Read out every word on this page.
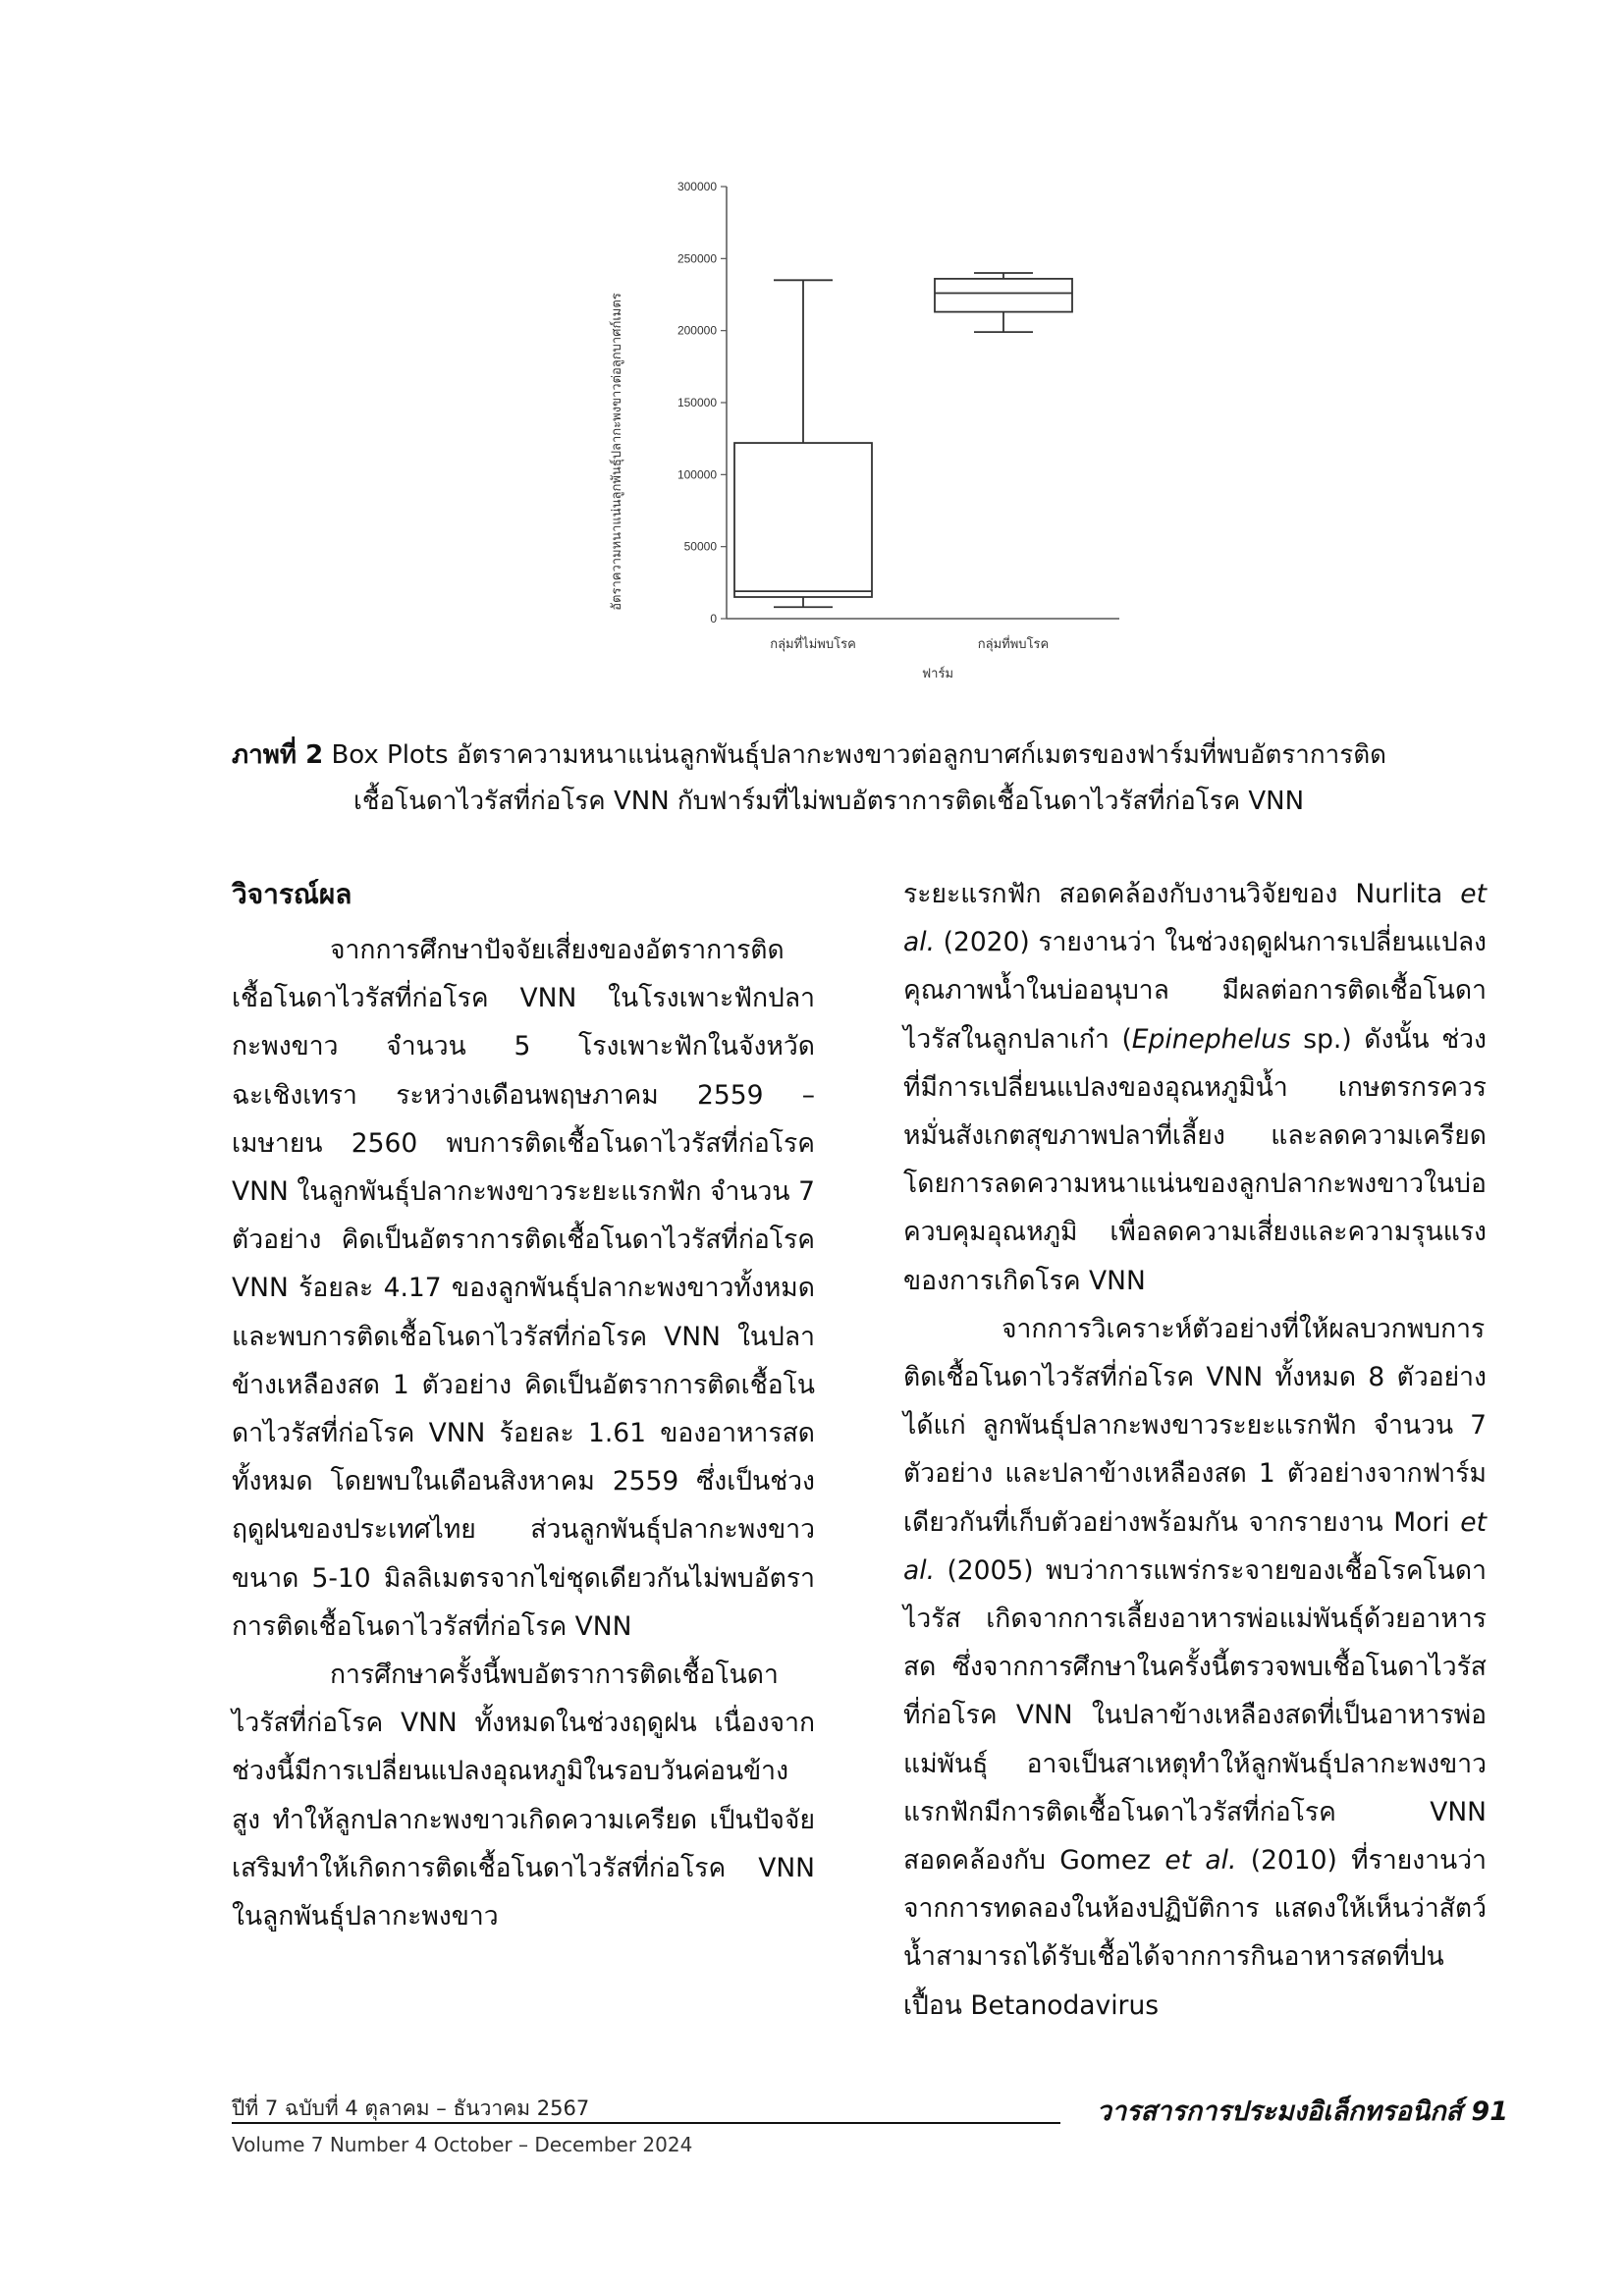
0
50000
100000
150000
200000
250000
300000
กลุ่มที่ไม่พบโรค	กลุ่มที่พบโรค
อัตราความหนาแน่นลูกพันธุ์ปลากะพงขาวต่อลูกบาศก์เมตร
ฟาร์ม
ภาพที่ 2 Box Plots อัตราความหนาแน่นลูกพันธุ์ปลากะพงขาวต่อลูกบาศก์เมตรของฟาร์มที่พบอัตราการติด
เชื้อโนดาไวรัสที่ก่อโรค VNN กับฟาร์มที่ไม่พบอัตราการติดเชื้อโนดาไวรัสที่ก่อโรค VNN
วิจารณ์ผล

จากการศึกษาปัจจัยเสี่ยงของอัตราการติดเชื้อโนดาไวรัสที่ก่อโรค VNN ในโรงเพาะฟักปลากะพงขาว จำนวน 5 โรงเพาะฟักในจังหวัดฉะเชิงเทรา ระหว่างเดือนพฤษภาคม 2559 – เมษายน 2560 พบการติดเชื้อโนดาไวรัสที่ก่อโรค VNN ในลูกพันธุ์ปลากะพงขาวระยะแรกฟัก จำนวน 7 ตัวอย่าง คิดเป็นอัตราการติดเชื้อโนดาไวรัสที่ก่อโรค VNN ร้อยละ 4.17 ของลูกพันธุ์ปลากะพงขาวทั้งหมด และพบการติดเชื้อโนดาไวรัสที่ก่อโรค VNN ในปลาข้างเหลืองสด 1 ตัวอย่าง คิดเป็นอัตราการติดเชื้อโนดาไวรัสที่ก่อโรค VNN ร้อยละ 1.61 ของอาหารสดทั้งหมด โดยพบในเดือนสิงหาคม 2559 ซึ่งเป็นช่วงฤดูฝนของประเทศไทย ส่วนลูกพันธุ์ปลากะพงขาวขนาด 5-10 มิลลิเมตรจากไข่ชุดเดียวกันไม่พบอัตราการติดเชื้อโนดาไวรัสที่ก่อโรค VNN

การศึกษาครั้งนี้พบอัตราการติดเชื้อโนดาไวรัสที่ก่อโรค VNN ทั้งหมดในช่วงฤดูฝน เนื่องจากช่วงนี้มีการเปลี่ยนแปลงอุณหภูมิในรอบวันค่อนข้างสูง ทำให้ลูกปลากะพงขาวเกิดความเครียด เป็นปัจจัยเสริมทำให้เกิดการติดเชื้อโนดาไวรัสที่ก่อโรค VNN ในลูกพันธุ์ปลากะพงขาว

ระยะแรกฟัก สอดคล้องกับงานวิจัยของ Nurlita et al. (2020) รายงานว่า ในช่วงฤดูฝนการเปลี่ยนแปลงคุณภาพน้ำในบ่ออนุบาล มีผลต่อการติดเชื้อโนดาไวรัสในลูกปลาเก๋า (Epinephelus sp.) ดังนั้น ช่วงที่มีการเปลี่ยนแปลงของอุณหภูมิน้ำ เกษตรกรควรหมั่นสังเกตสุขภาพปลาที่เลี้ยง และลดความเครียดโดยการลดความหนาแน่นของลูกปลากะพงขาวในบ่อ ควบคุมอุณหภูมิ เพื่อลดความเสี่ยงและความรุนแรงของการเกิดโรค VNN

จากการวิเคราะห์ตัวอย่างที่ให้ผลบวกพบการติดเชื้อโนดาไวรัสที่ก่อโรค VNN ทั้งหมด 8 ตัวอย่าง ได้แก่ ลูกพันธุ์ปลากะพงขาวระยะแรกฟัก จำนวน 7 ตัวอย่าง และปลาข้างเหลืองสด 1 ตัวอย่างจากฟาร์มเดียวกันที่เก็บตัวอย่างพร้อมกัน จากรายงาน Mori et al. (2005) พบว่าการแพร่กระจายของเชื้อโรคโนดาไวรัส เกิดจากการเลี้ยงอาหารพ่อแม่พันธุ์ด้วยอาหารสด ซึ่งจากการศึกษาในครั้งนี้ตรวจพบเชื้อโนดาไวรัสที่ก่อโรค VNN ในปลาข้างเหลืองสดที่เป็นอาหารพ่อแม่พันธุ์ อาจเป็นสาเหตุทำให้ลูกพันธุ์ปลากะพงขาวแรกฟักมีการติดเชื้อโนดาไวรัสที่ก่อโรค VNN สอดคล้องกับ Gomez et al. (2010) ที่รายงานว่า จากการทดลองในห้องปฏิบัติการ แสดงให้เห็นว่าสัตว์น้ำสามารถได้รับเชื้อได้จากการกินอาหารสดที่ปนเปื้อน Betanodavirus

ปีที่ 7 ฉบับที่ 4 ตุลาคม – ธันวาคม 2567
Volume 7 Number 4 October – December 2024
วารสารการประมงอิเล็กทรอนิกส์ 91
